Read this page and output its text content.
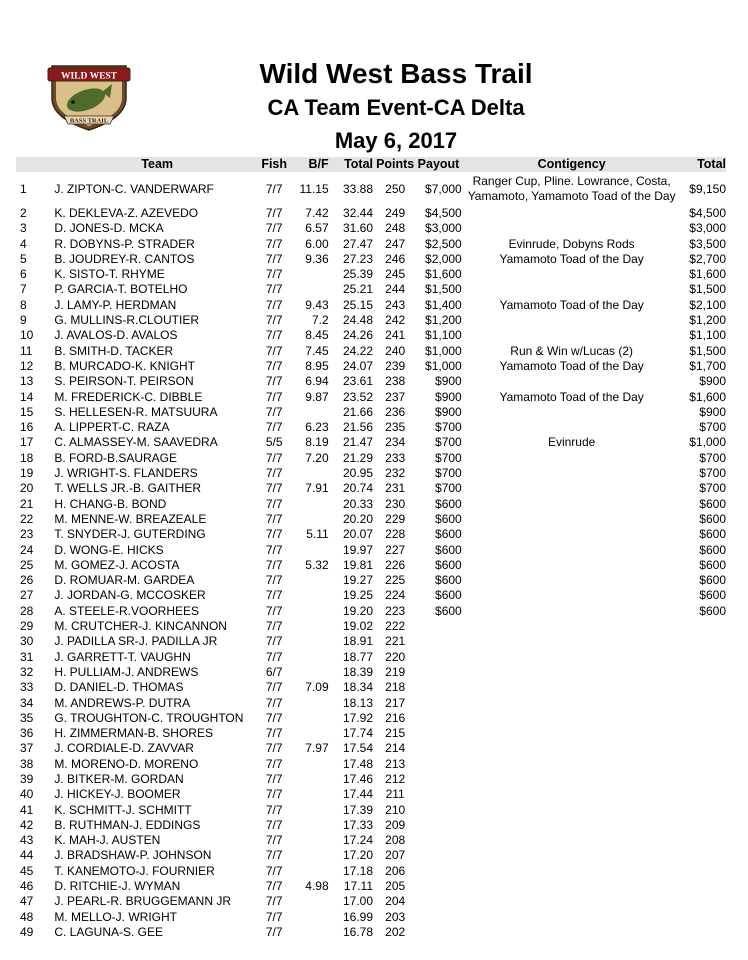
WILD WEST
BASS TRAIL
Wild West Bass Trail
CA Team Event-CA Delta
May 6, 2017
	Team	Fish	B/F	Total	Points	Payout	Contigency	Total
1	J. ZIPTON-C. VANDERWARF	7/7	11.15	33.88	250	$7,000	Ranger Cup, Pline. Lowrance, Costa, Yamamoto, Yamamoto Toad of the Day	$9,150
2	K. DEKLEVA-Z. AZEVEDO	7/7	7.42	32.44	249	$4,500		$4,500
3	D. JONES-D. MCKA	7/7	6.57	31.60	248	$3,000		$3,000
4	R. DOBYNS-P. STRADER	7/7	6.00	27.47	247	$2,500	Evinrude, Dobyns Rods	$3,500
5	B. JOUDREY-R. CANTOS	7/7	9.36	27.23	246	$2,000	Yamamoto Toad of the Day	$2,700
6	K. SISTO-T. RHYME	7/7		25.39	245	$1,600		$1,600
7	P. GARCIA-T. BOTELHO	7/7		25.21	244	$1,500		$1,500
8	J. LAMY-P. HERDMAN	7/7	9.43	25.15	243	$1,400	Yamamoto Toad of the Day	$2,100
9	G. MULLINS-R.CLOUTIER	7/7	7.2	24.48	242	$1,200		$1,200
10	J. AVALOS-D. AVALOS	7/7	8.45	24.26	241	$1,100		$1,100
11	B. SMITH-D. TACKER	7/7	7.45	24.22	240	$1,000	Run & Win w/Lucas (2)	$1,500
12	B. MURCADO-K. KNIGHT	7/7	8.95	24.07	239	$1,000	Yamamoto Toad of the Day	$1,700
13	S. PEIRSON-T. PEIRSON	7/7	6.94	23.61	238	$900		$900
14	M. FREDERICK-C. DIBBLE	7/7	9.87	23.52	237	$900	Yamamoto Toad of the Day	$1,600
15	S. HELLESEN-R. MATSUURA	7/7		21.66	236	$900		$900
16	A. LIPPERT-C. RAZA	7/7	6.23	21.56	235	$700		$700
17	C. ALMASSEY-M. SAAVEDRA	5/5	8.19	21.47	234	$700	Evinrude	$1,000
18	B. FORD-B.SAURAGE	7/7	7.20	21.29	233	$700		$700
19	J. WRIGHT-S. FLANDERS	7/7		20.95	232	$700		$700
20	T. WELLS JR.-B. GAITHER	7/7	7.91	20.74	231	$700		$700
21	H. CHANG-B. BOND	7/7		20.33	230	$600		$600
22	M. MENNE-W. BREAZEALE	7/7		20.20	229	$600		$600
23	T. SNYDER-J. GUTERDING	7/7	5.11	20.07	228	$600		$600
24	D. WONG-E. HICKS	7/7		19.97	227	$600		$600
25	M. GOMEZ-J. ACOSTA	7/7	5.32	19.81	226	$600		$600
26	D. ROMUAR-M. GARDEA	7/7		19.27	225	$600		$600
27	J. JORDAN-G. MCCOSKER	7/7		19.25	224	$600		$600
28	A. STEELE-R.VOORHEES	7/7		19.20	223	$600		$600
29	M. CRUTCHER-J. KINCANNON	7/7		19.02	222			
30	J. PADILLA SR-J. PADILLA JR	7/7		18.91	221			
31	J. GARRETT-T. VAUGHN	7/7		18.77	220			
32	H. PULLIAM-J. ANDREWS	6/7		18.39	219			
33	D. DANIEL-D. THOMAS	7/7	7.09	18.34	218			
34	M. ANDREWS-P. DUTRA	7/7		18.13	217			
35	G. TROUGHTON-C. TROUGHTON	7/7		17.92	216			
36	H. ZIMMERMAN-B. SHORES	7/7		17.74	215			
37	J. CORDIALE-D. ZAVVAR	7/7	7.97	17.54	214			
38	M. MORENO-D. MORENO	7/7		17.48	213			
39	J. BITKER-M. GORDAN	7/7		17.46	212			
40	J. HICKEY-J. BOOMER	7/7		17.44	211			
41	K. SCHMITT-J. SCHMITT	7/7		17.39	210			
42	B. RUTHMAN-J. EDDINGS	7/7		17.33	209			
43	K. MAH-J. AUSTEN	7/7		17.24	208			
44	J. BRADSHAW-P. JOHNSON	7/7		17.20	207			
45	T. KANEMOTO-J. FOURNIER	7/7		17.18	206			
46	D. RITCHIE-J. WYMAN	7/7	4.98	17.11	205			
47	J. PEARL-R. BRUGGEMANN JR	7/7		17.00	204			
48	M. MELLO-J. WRIGHT	7/7		16.99	203			
49	C. LAGUNA-S. GEE	7/7		16.78	202			
